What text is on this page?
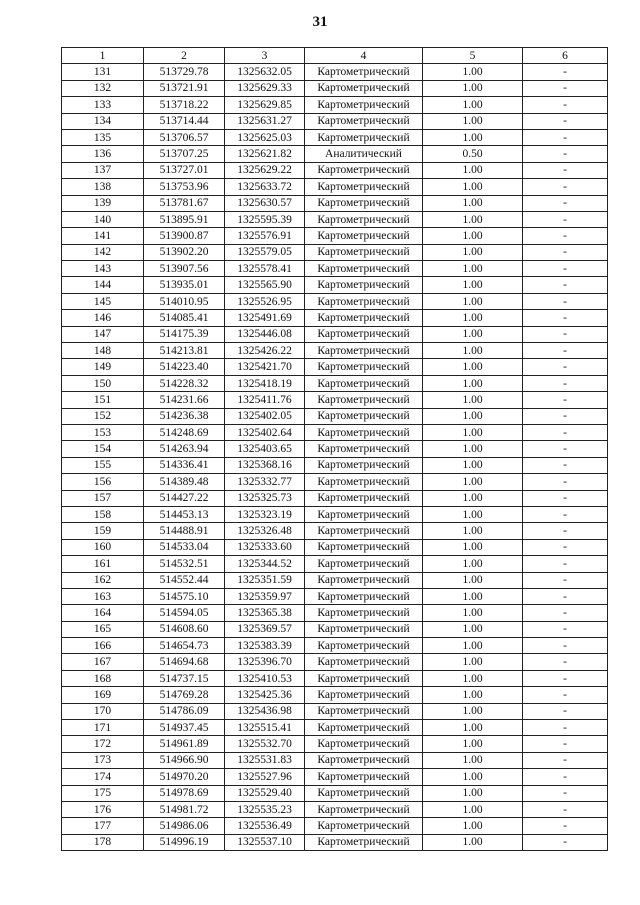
31
1	2	3	4	5	6
131	513729.78	1325632.05	Картометрический	1.00	-
132	513721.91	1325629.33	Картометрический	1.00	-
133	513718.22	1325629.85	Картометрический	1.00	-
134	513714.44	1325631.27	Картометрический	1.00	-
135	513706.57	1325625.03	Картометрический	1.00	-
136	513707.25	1325621.82	Аналитический	0.50	-
137	513727.01	1325629.22	Картометрический	1.00	-
138	513753.96	1325633.72	Картометрический	1.00	-
139	513781.67	1325630.57	Картометрический	1.00	-
140	513895.91	1325595.39	Картометрический	1.00	-
141	513900.87	1325576.91	Картометрический	1.00	-
142	513902.20	1325579.05	Картометрический	1.00	-
143	513907.56	1325578.41	Картометрический	1.00	-
144	513935.01	1325565.90	Картометрический	1.00	-
145	514010.95	1325526.95	Картометрический	1.00	-
146	514085.41	1325491.69	Картометрический	1.00	-
147	514175.39	1325446.08	Картометрический	1.00	-
148	514213.81	1325426.22	Картометрический	1.00	-
149	514223.40	1325421.70	Картометрический	1.00	-
150	514228.32	1325418.19	Картометрический	1.00	-
151	514231.66	1325411.76	Картометрический	1.00	-
152	514236.38	1325402.05	Картометрический	1.00	-
153	514248.69	1325402.64	Картометрический	1.00	-
154	514263.94	1325403.65	Картометрический	1.00	-
155	514336.41	1325368.16	Картометрический	1.00	-
156	514389.48	1325332.77	Картометрический	1.00	-
157	514427.22	1325325.73	Картометрический	1.00	-
158	514453.13	1325323.19	Картометрический	1.00	-
159	514488.91	1325326.48	Картометрический	1.00	-
160	514533.04	1325333.60	Картометрический	1.00	-
161	514532.51	1325344.52	Картометрический	1.00	-
162	514552.44	1325351.59	Картометрический	1.00	-
163	514575.10	1325359.97	Картометрический	1.00	-
164	514594.05	1325365.38	Картометрический	1.00	-
165	514608.60	1325369.57	Картометрический	1.00	-
166	514654.73	1325383.39	Картометрический	1.00	-
167	514694.68	1325396.70	Картометрический	1.00	-
168	514737.15	1325410.53	Картометрический	1.00	-
169	514769.28	1325425.36	Картометрический	1.00	-
170	514786.09	1325436.98	Картометрический	1.00	-
171	514937.45	1325515.41	Картометрический	1.00	-
172	514961.89	1325532.70	Картометрический	1.00	-
173	514966.90	1325531.83	Картометрический	1.00	-
174	514970.20	1325527.96	Картометрический	1.00	-
175	514978.69	1325529.40	Картометрический	1.00	-
176	514981.72	1325535.23	Картометрический	1.00	-
177	514986.06	1325536.49	Картометрический	1.00	-
178	514996.19	1325537.10	Картометрический	1.00	-
